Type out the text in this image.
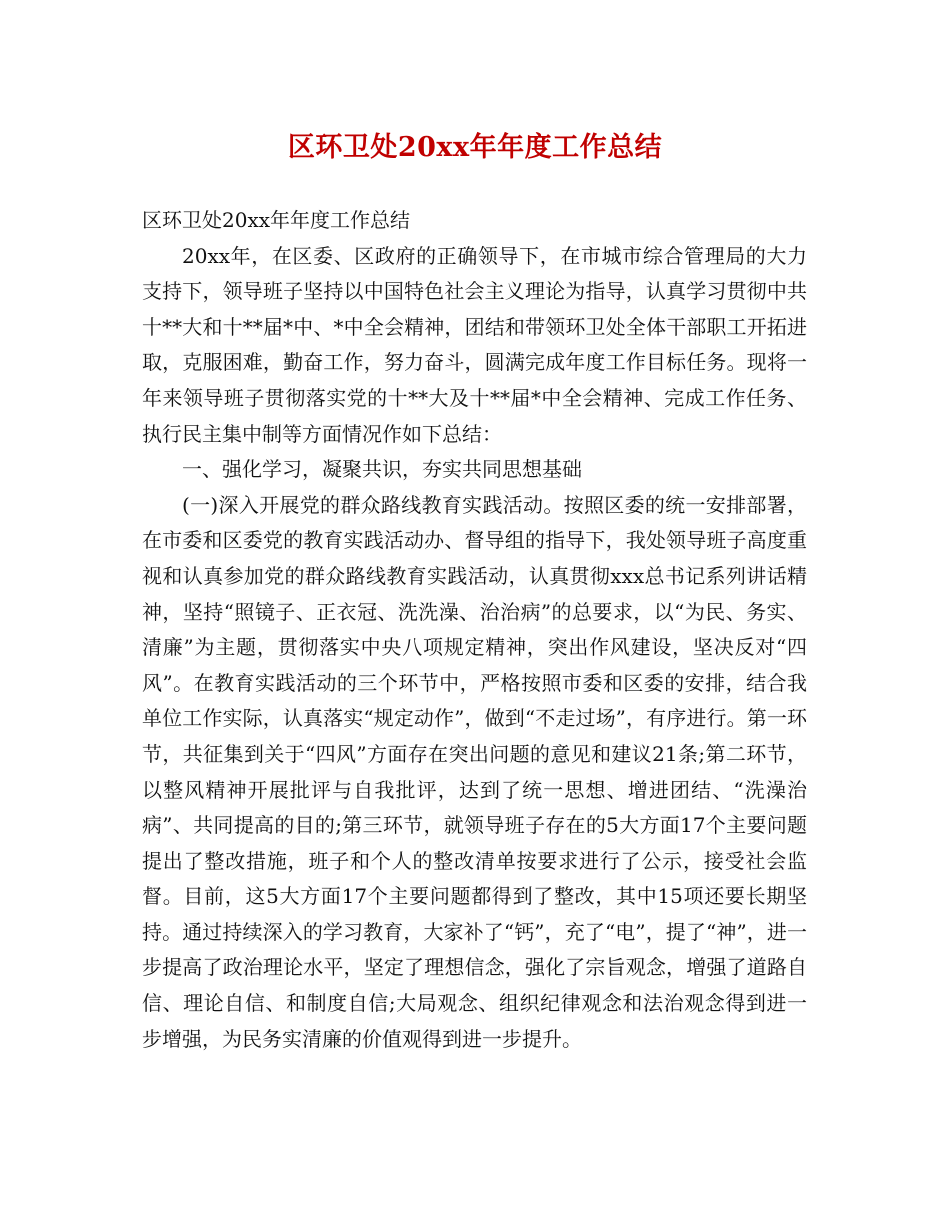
区环卫处20xx年年度工作总结

区环卫处20xx年年度工作总结

20xx年，在区委、区政府的正确领导下，在市城市综合管理局的大力支持下，领导班子坚持以中国特色社会主义理论为指导，认真学习贯彻中共十**大和十**届*中、*中全会精神，团结和带领环卫处全体干部职工开拓进取，克服困难，勤奋工作，努力奋斗，圆满完成年度工作目标任务。现将一年来领导班子贯彻落实党的十**大及十**届*中全会精神、完成工作任务、执行民主集中制等方面情况作如下总结：

一、强化学习，凝聚共识，夯实共同思想基础

(一)深入开展党的群众路线教育实践活动。按照区委的统一安排部署，在市委和区委党的教育实践活动办、督导组的指导下，我处领导班子高度重视和认真参加党的群众路线教育实践活动，认真贯彻xxx总书记系列讲话精神，坚持“照镜子、正衣冠、洗洗澡、治治病”的总要求，以“为民、务实、清廉”为主题，贯彻落实中央八项规定精神，突出作风建设，坚决反对“四风”。在教育实践活动的三个环节中，严格按照市委和区委的安排，结合我单位工作实际，认真落实“规定动作”，做到“不走过场”，有序进行。第一环节，共征集到关于“四风”方面存在突出问题的意见和建议21条;第二环节，以整风精神开展批评与自我批评，达到了统一思想、增进团结、“洗澡治病”、共同提高的目的;第三环节，就领导班子存在的5大方面17个主要问题提出了整改措施，班子和个人的整改清单按要求进行了公示，接受社会监督。目前，这5大方面17个主要问题都得到了整改，其中15项还要长期坚持。通过持续深入的学习教育，大家补了“钙”，充了“电”，提了“神”，进一步提高了政治理论水平，坚定了理想信念，强化了宗旨观念，增强了道路自信、理论自信、和制度自信;大局观念、组织纪律观念和法治观念得到进一步增强，为民务实清廉的价值观得到进一步提升。
